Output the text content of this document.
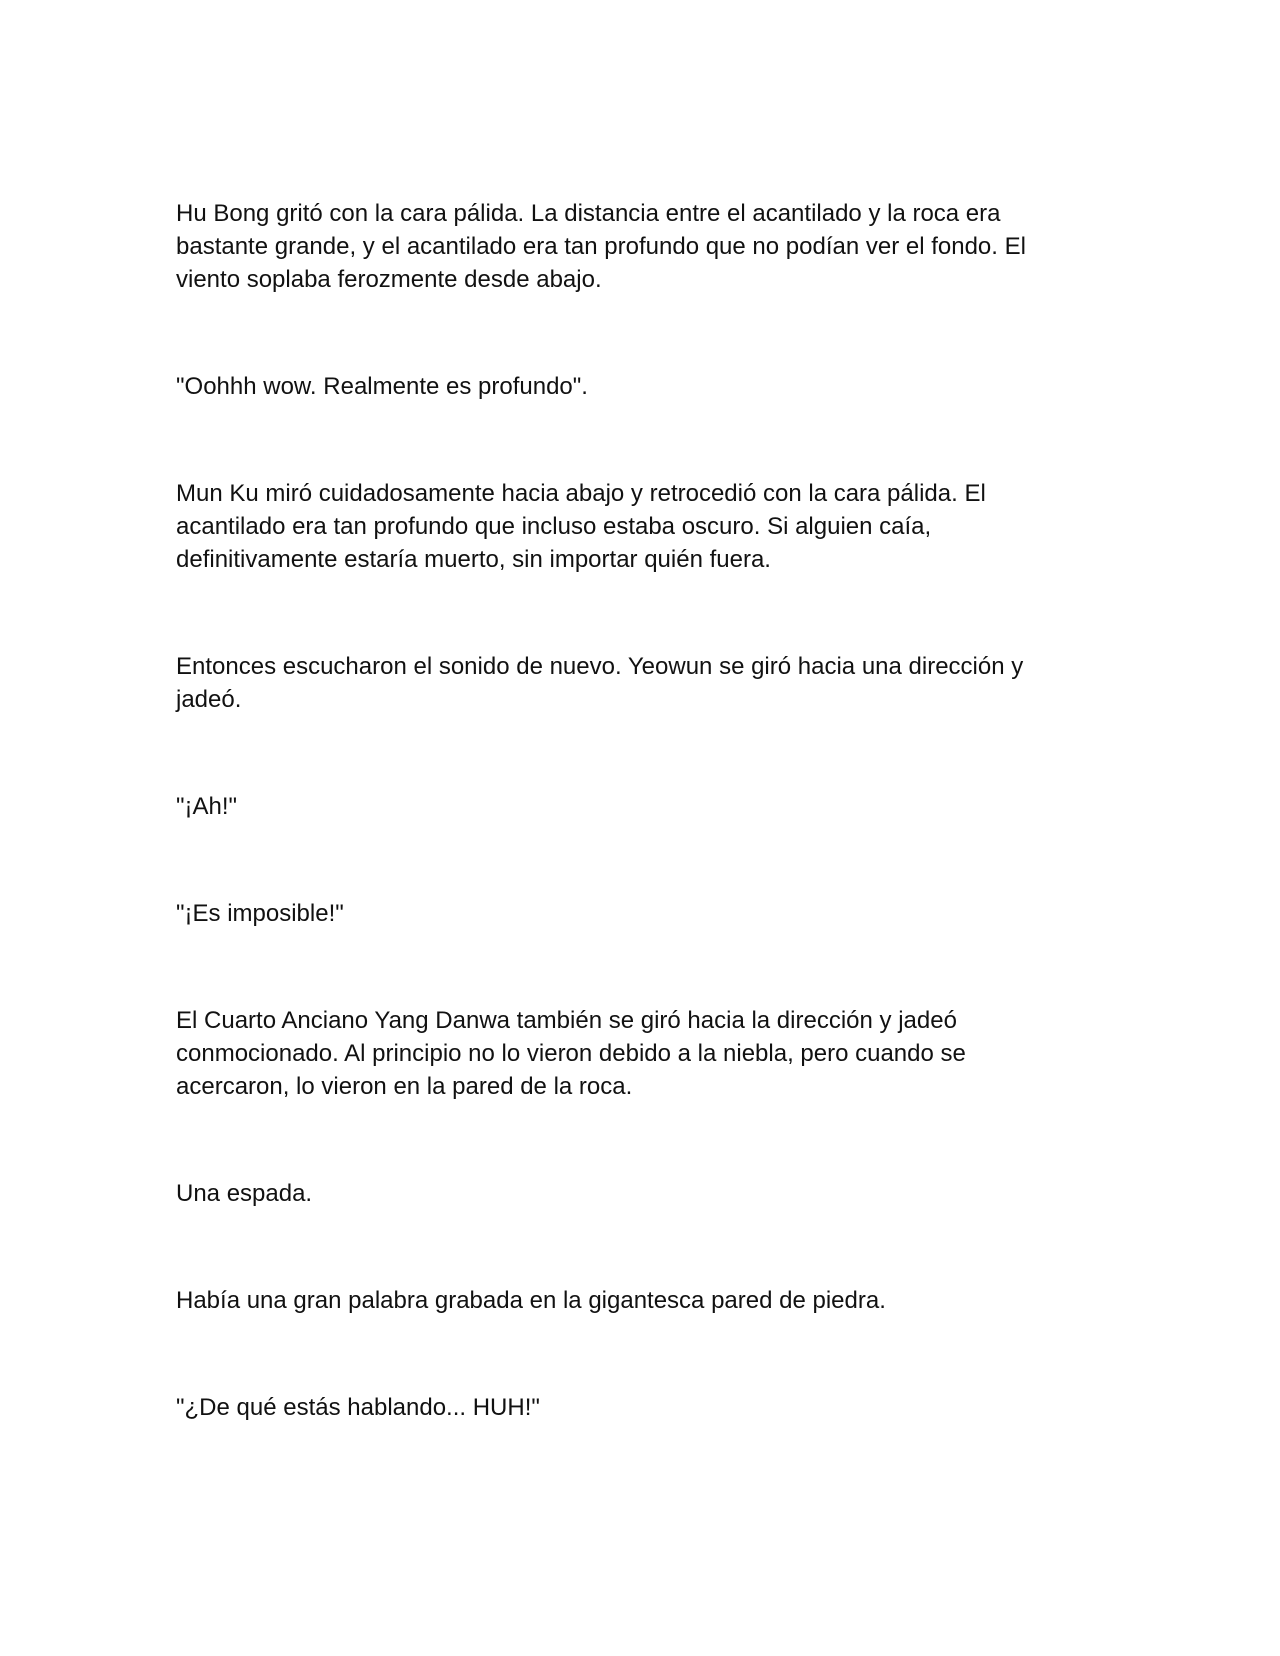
Hu Bong gritó con la cara pálida. La distancia entre el acantilado y la roca era bastante grande, y el acantilado era tan profundo que no podían ver el fondo. El viento soplaba ferozmente desde abajo.

"Oohhh wow. Realmente es profundo".

Mun Ku miró cuidadosamente hacia abajo y retrocedió con la cara pálida. El acantilado era tan profundo que incluso estaba oscuro. Si alguien caía, definitivamente estaría muerto, sin importar quién fuera.

Entonces escucharon el sonido de nuevo. Yeowun se giró hacia una dirección y jadeó.

"¡Ah!"

"¡Es imposible!"

El Cuarto Anciano Yang Danwa también se giró hacia la dirección y jadeó conmocionado. Al principio no lo vieron debido a la niebla, pero cuando se acercaron, lo vieron en la pared de la roca.

Una espada.

Había una gran palabra grabada en la gigantesca pared de piedra.

"¿De qué estás hablando... HUH!"
